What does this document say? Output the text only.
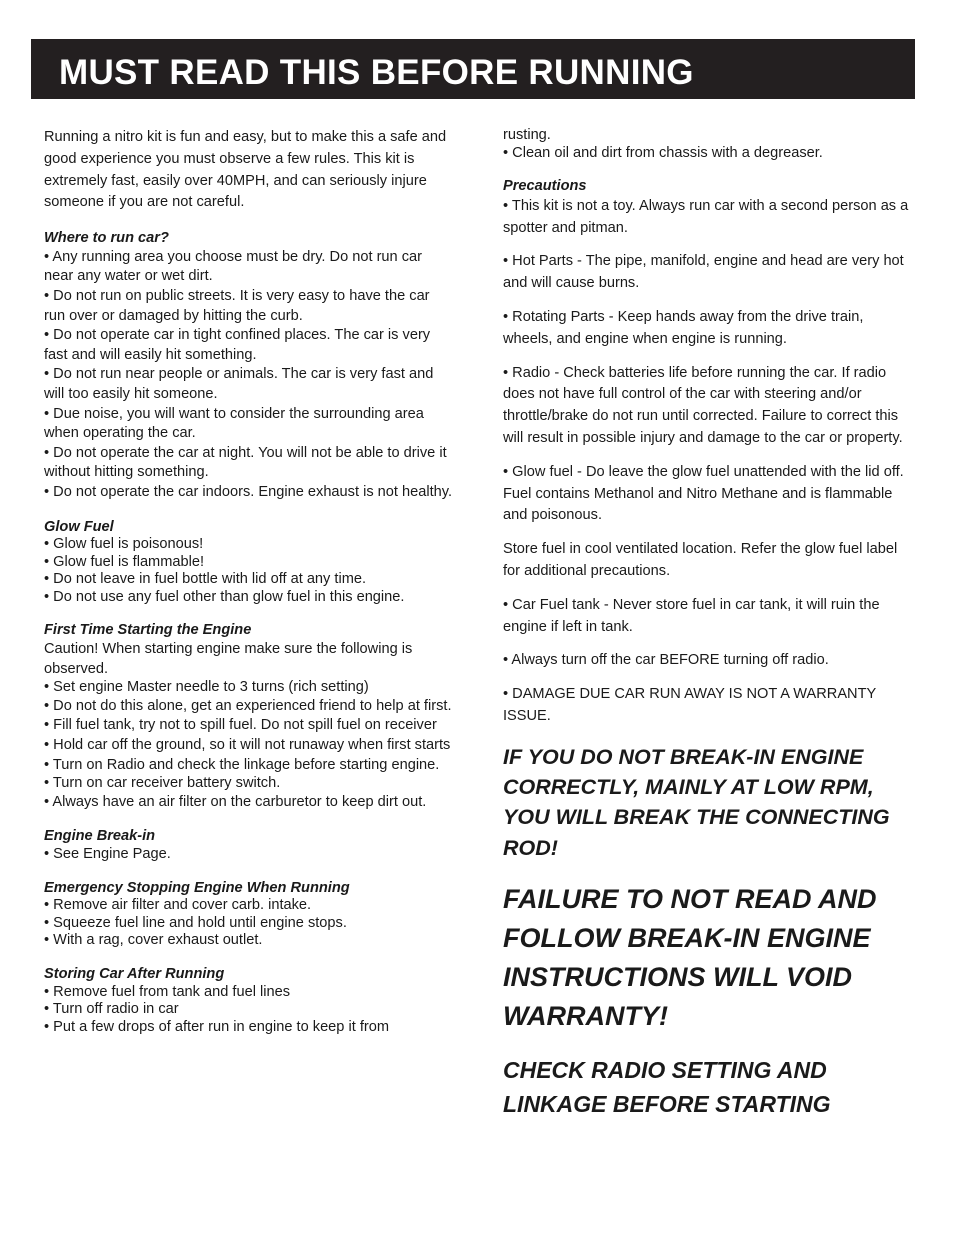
MUST READ THIS BEFORE RUNNING

Running a nitro kit is fun and easy, but to make this a safe and good experience you must observe a few rules. This kit is extremely fast, easily over 40MPH, and can seriously injure someone if you are not careful.

Where to run car?

• Any running area you choose must be dry. Do not run car near any water or wet dirt.

• Do not run on public streets. It is very easy to have the car run over or damaged by hitting the curb.

• Do not operate car in tight confined places. The car is very fast and will easily hit something.

• Do not run near people or animals. The car is very fast and will too easily hit someone.

• Due noise, you will want to consider the surrounding area when operating the car.

• Do not operate the car at night. You will not be able to drive it without hitting something.

• Do not operate the car indoors. Engine exhaust is not healthy.

Glow Fuel

• Glow fuel is poisonous!

• Glow fuel is flammable!

• Do not leave in fuel bottle with lid off at any time.

• Do not use any fuel other than glow fuel in this engine.

First Time Starting the Engine

Caution! When starting engine make sure the following is observed.

• Set engine Master needle to 3 turns (rich setting)

• Do not do this alone, get an experienced friend to help at first.

• Fill fuel tank, try not to spill fuel. Do not spill fuel on receiver

• Hold car off the ground, so it will not runaway when first starts

• Turn on Radio and check the linkage before starting engine.

• Turn on car receiver battery switch.

• Always have an air filter on the carburetor to keep dirt out.

Engine Break-in

• See Engine Page.

Emergency Stopping Engine When Running

• Remove air filter and cover carb. intake.

• Squeeze fuel line and hold until engine stops.

• With a rag, cover exhaust outlet.

Storing Car After Running

• Remove fuel from tank and fuel lines

• Turn off radio in car

• Put a few drops of after run in engine to keep it from

rusting.

• Clean oil and dirt from chassis with a degreaser.

Precautions

• This kit is not a toy. Always run car with a second person as a spotter and pitman.

• Hot Parts - The pipe, manifold, engine and head are very hot and will cause burns.

• Rotating Parts - Keep hands away from the drive train, wheels, and engine when engine is running.

• Radio - Check batteries life before running the car. If radio does not have full control of the car with steering and/or throttle/brake do not run until corrected. Failure to correct this will result in possible injury and damage to the car or property.

• Glow fuel - Do leave the glow fuel unattended with the lid off. Fuel contains Methanol and Nitro Methane and is flammable and poisonous.

Store fuel in cool ventilated location. Refer the glow fuel label for additional precautions.

• Car Fuel tank - Never store fuel in car tank, it will ruin the engine if left in tank.

• Always turn off the car BEFORE turning off radio.

• DAMAGE DUE CAR RUN AWAY IS NOT A WARRANTY ISSUE.

IF YOU DO NOT BREAK-IN ENGINE CORRECTLY, MAINLY AT LOW RPM, YOU WILL BREAK THE CONNECTING ROD!

FAILURE TO NOT READ AND FOLLOW BREAK-IN ENGINE INSTRUCTIONS WILL VOID WARRANTY!

CHECK RADIO SETTING AND LINKAGE BEFORE STARTING
